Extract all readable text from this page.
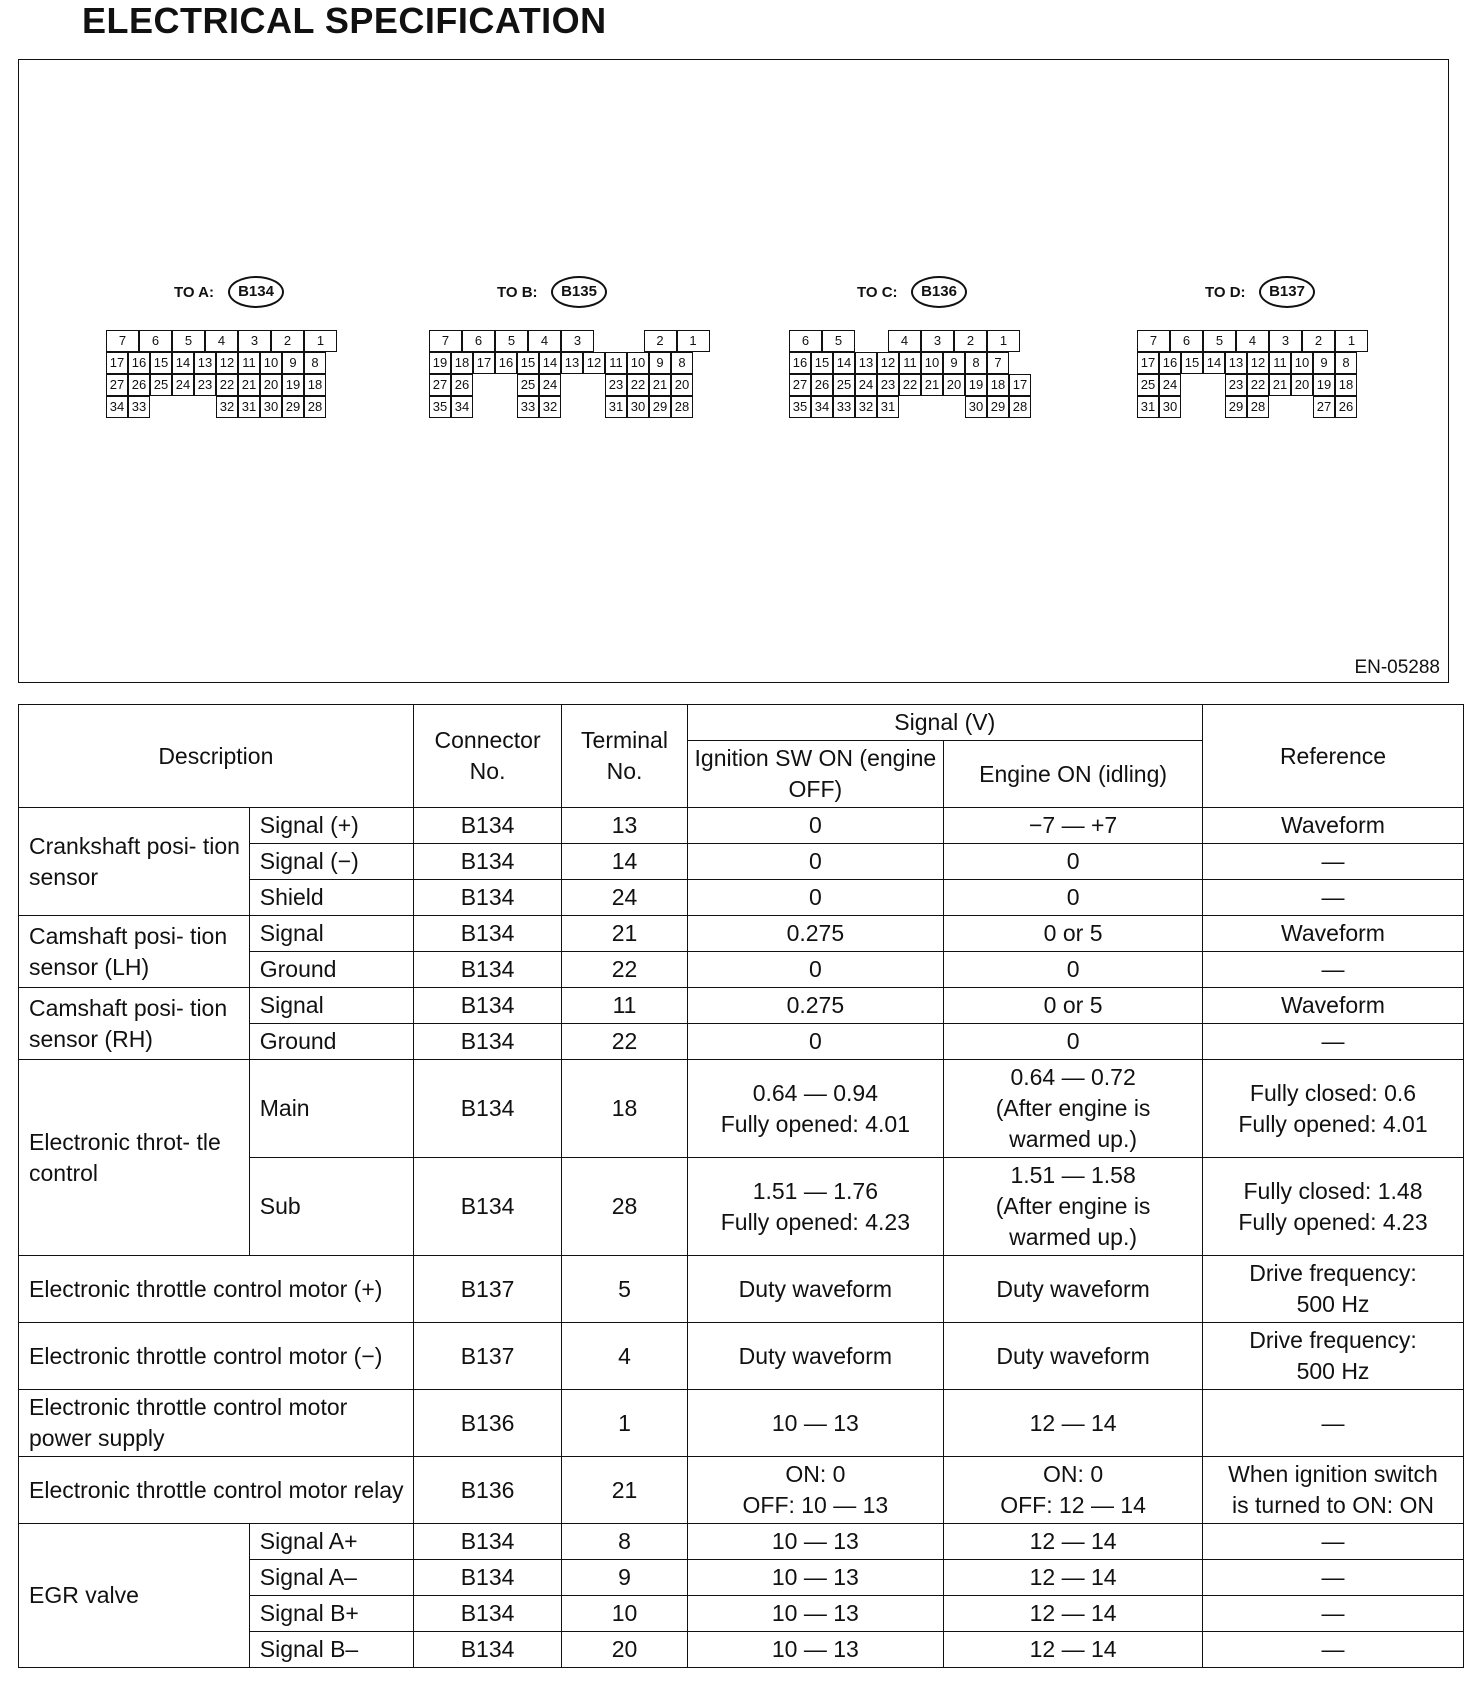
ELECTRICAL SPECIFICATION
TO A:	B134
7	6	5	4	3	2	1
17 16 15 14 13 12 11 10 9	8
27 26 25 24 23 22 21 20 19 18
34 33	32 31 30 29 28
TO B:	B135
7	6	5	4	3	2	1
19 18 17 16 15 14 13 12 11 10 9	8
27 26	25 24	23 22 21 20
35 34	33 32	31 30 29 28
TO C:	B136
6	5	4	3	2	1
16 15 14 13 12 11 10 9	8	7
27 26 25 24 23 22 21 20 19 18 17
35 34 33 32 31	30 29 28
TO D:	B137
7	6	5	4	3	2	1
17 16 15 14 13 12 11 10 9	8
25 24	23 22 21 20 19 18
31 30	29 28	27 26
EN-05288
Description		Connector No.	Terminal No.	Signal (V)		Reference
				Ignition SW ON (engine OFF)	Engine ON (idling)	
Crankshaft posi- tion sensor	Signal (+)	B134	13	0	−7 — +7	Waveform
	Signal (−)	B134	14	0	0	—
	Shield	B134	24	0	0	—
Camshaft posi- tion sensor (LH)	Signal	B134	21	0.275	0 or 5	Waveform
	Ground	B134	22	0	0	—
Camshaft posi- tion sensor (RH)	Signal	B134	11	0.275	0 or 5	Waveform
	Ground	B134	22	0	0	—
Electronic throt- tle control	Main	B134	18	0.64 — 0.94
Fully opened: 4.01	0.64 — 0.72
(After engine is
warmed up.)	Fully closed: 0.6
Fully opened: 4.01
	Sub	B134	28	1.51 — 1.76
Fully opened: 4.23	1.51 — 1.58
(After engine is
warmed up.)	Fully closed: 1.48
Fully opened: 4.23
Electronic throttle control motor (+)		B137	5	Duty waveform	Duty waveform	Drive frequency:
500 Hz
Electronic throttle control motor (−)		B137	4	Duty waveform	Duty waveform	Drive frequency:
500 Hz
Electronic throttle control motor power supply		B136	1	10 — 13	12 — 14	—
Electronic throttle control motor relay		B136	21	ON: 0
OFF: 10 — 13	ON: 0
OFF: 12 — 14	When ignition switch
is turned to ON: ON
EGR valve	Signal A+	B134	8	10 — 13	12 — 14	—
	Signal A–	B134	9	10 — 13	12 — 14	—
	Signal B+	B134	10	10 — 13	12 — 14	—
	Signal B–	B134	20	10 — 13	12 — 14	—
